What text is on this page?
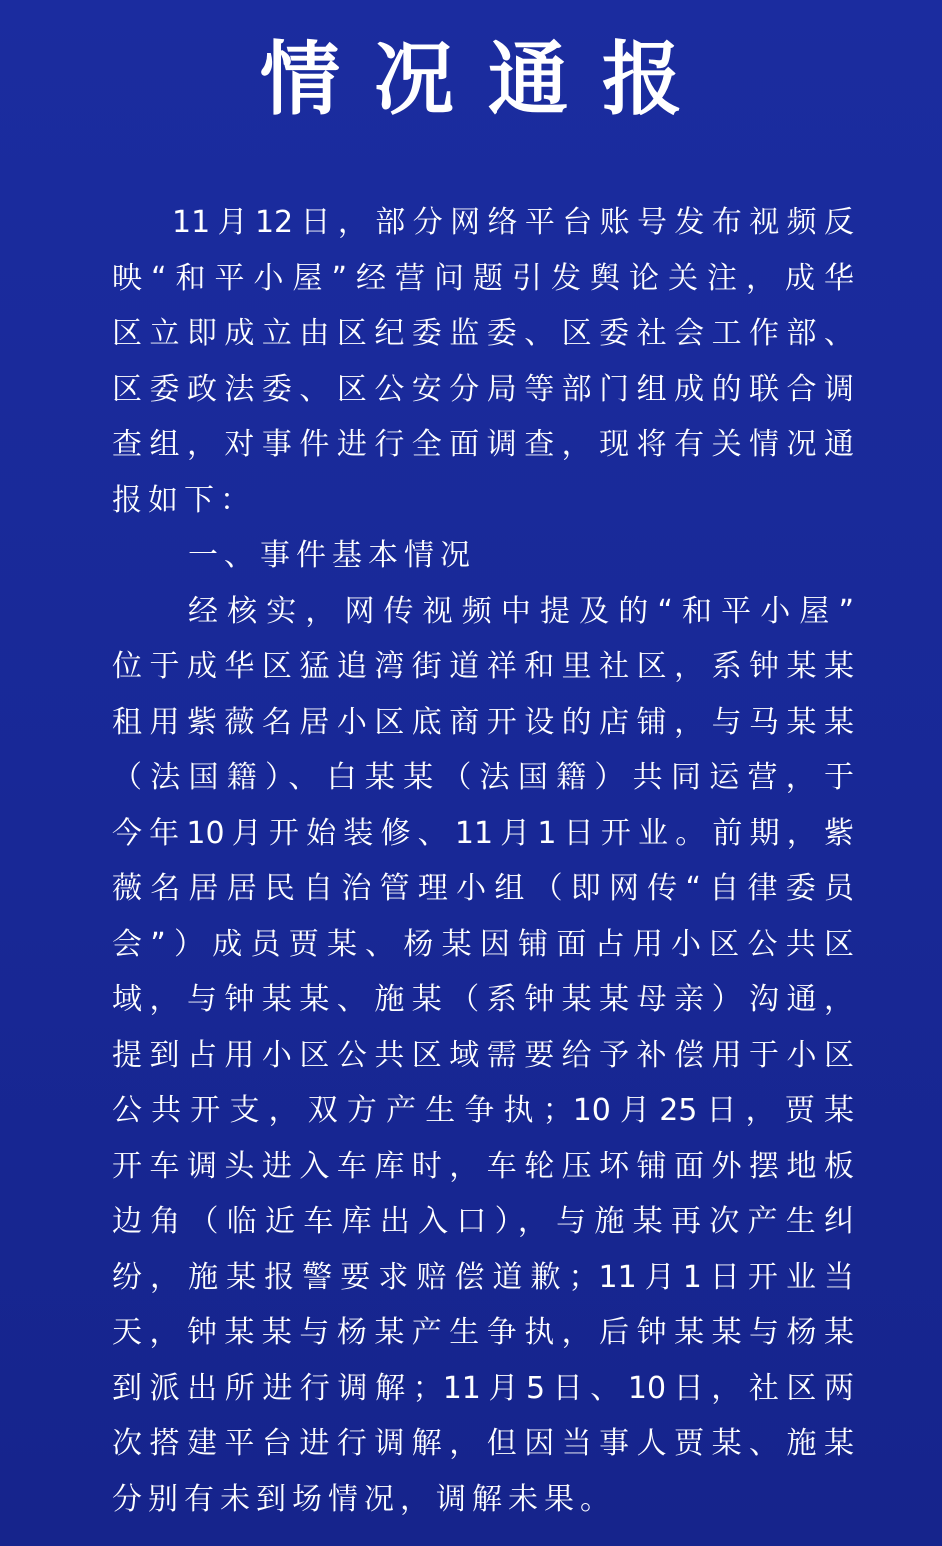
情况通报
11月12日，部分网络平台账号发布视频反
映“和平小屋”经营问题引发舆论关注，成华
区立即成立由区纪委监委、区委社会工作部、
区委政法委、区公安分局等部门组成的联合调
查组，对事件进行全面调查，现将有关情况通
报如下：
一、事件基本情况
经核实，网传视频中提及的“和平小屋”
位于成华区猛追湾街道祥和里社区，系钟某某
租用紫薇名居小区底商开设的店铺，与马某某
（法国籍）、白某某（法国籍）共同运营，于
今年10月开始装修、11月1日开业。前期，紫
薇名居居民自治管理小组（即网传“自律委员
会”）成员贾某、杨某因铺面占用小区公共区
域，与钟某某、施某（系钟某某母亲）沟通，
提到占用小区公共区域需要给予补偿用于小区
公共开支，双方产生争执；10月25日，贾某
开车调头进入车库时，车轮压坏铺面外摆地板
边角（临近车库出入口），与施某再次产生纠
纷，施某报警要求赔偿道歉；11月1日开业当
天，钟某某与杨某产生争执，后钟某某与杨某
到派出所进行调解；11月5日、10日，社区两
次搭建平台进行调解，但因当事人贾某、施某
分别有未到场情况，调解未果。
